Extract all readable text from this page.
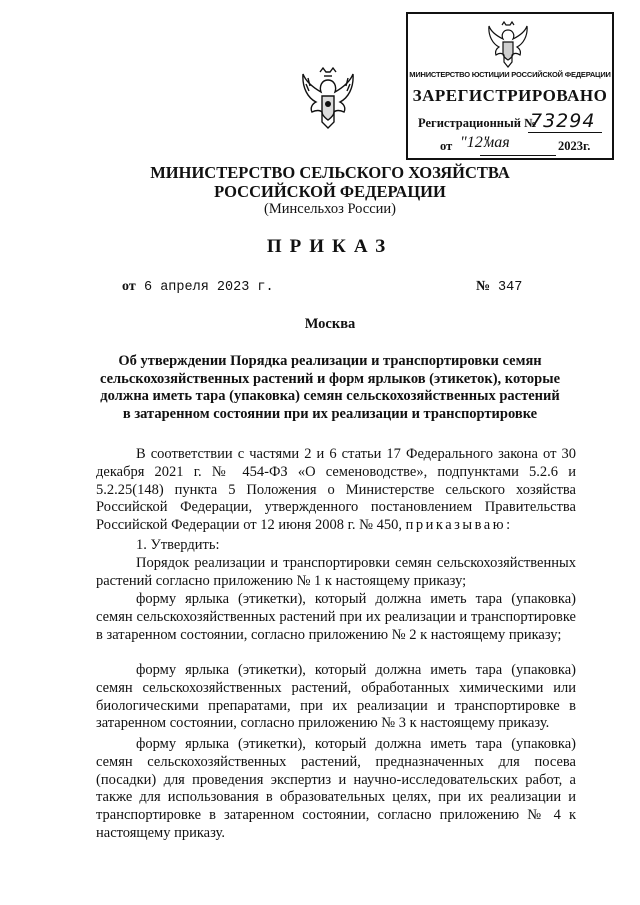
МИНИСТЕРСТВО ЮСТИЦИИ РОССИЙСКОЙ ФЕДЕРАЦИИ
ЗАРЕГИСТРИРОВАНО
Регистрационный №
73294
от "12"
мая	2023г.
МИНИСТЕРСТВО СЕЛЬСКОГО ХОЗЯЙСТВА
РОССИЙСКОЙ ФЕДЕРАЦИИ
(Минсельхоз России)
ПРИКАЗ
от 6 апреля 2023 г.	№ 347
Москва
Об утверждении Порядка реализации и транспортировки семян
сельскохозяйственных растений и форм ярлыков (этикеток), которые
должна иметь тара (упаковка) семян сельскохозяйственных растений
в затаренном состоянии при их реализации и транспортировке

В соответствии с частями 2 и 6 статьи 17 Федерального закона от 30 декабря 2021 г. № 454-ФЗ «О семеноводстве», подпунктами 5.2.6 и 5.2.25(148) пункта 5 Положения о Министерстве сельского хозяйства Российской Федерации, утвержденного постановлением Правительства Российской Федерации от 12 июня 2008 г. № 450, приказываю:

1. Утвердить:

Порядок реализации и транспортировки семян сельскохозяйственных растений согласно приложению № 1 к настоящему приказу;

форму ярлыка (этикетки), который должна иметь тара (упаковка) семян сельскохозяйственных растений при их реализации и транспортировке в затаренном состоянии, согласно приложению № 2 к настоящему приказу;

форму ярлыка (этикетки), который должна иметь тара (упаковка) семян сельскохозяйственных растений, обработанных химическими или биологическими препаратами, при их реализации и транспортировке в затаренном состоянии, согласно приложению № 3 к настоящему приказу.

форму ярлыка (этикетки), который должна иметь тара (упаковка) семян сельскохозяйственных растений, предназначенных для посева (посадки) для проведения экспертиз и научно-исследовательских работ, а также для использования в образовательных целях, при их реализации и транспортировке в затаренном состоянии, согласно приложению № 4 к настоящему приказу.
